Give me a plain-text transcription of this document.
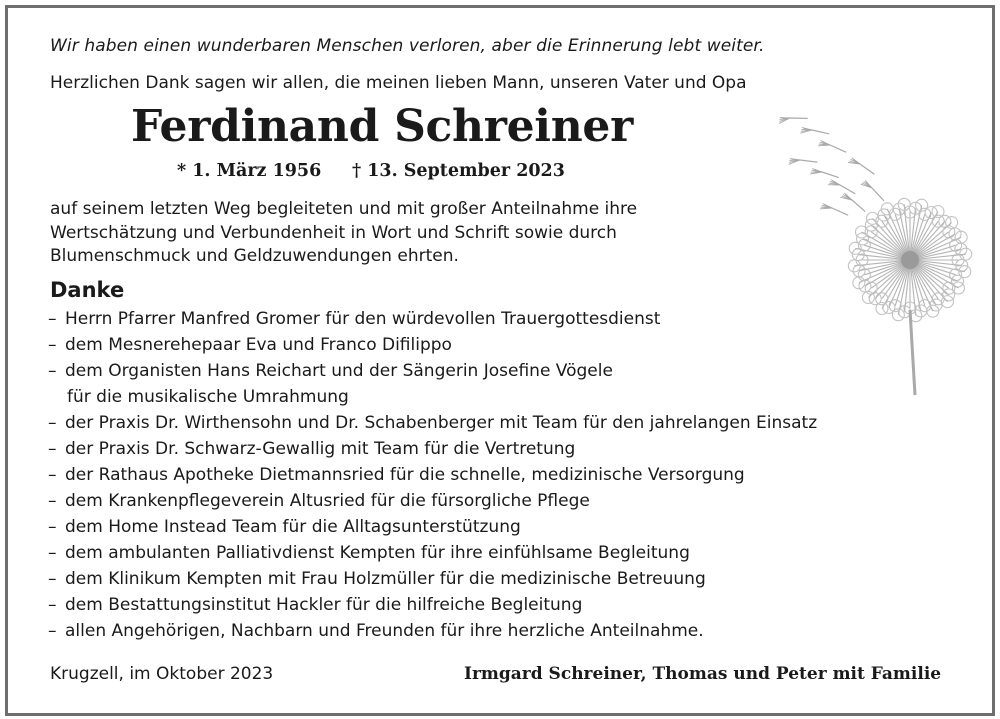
Wir haben einen wunderbaren Menschen verloren, aber die Erinnerung lebt weiter.
Herzlichen Dank sagen wir allen, die meinen lieben Mann, unseren Vater und Opa
Ferdinand Schreiner
* 1. März 1956 † 13. September 2023
auf seinem letzten Weg begleiteten und mit großer Anteilnahme ihre
Wertschätzung und Verbundenheit in Wort und Schrift sowie durch
Blumenschmuck und Geldzuwendungen ehrten.
Danke
– Herrn Pfarrer Manfred Gromer für den würdevollen Trauergottesdienst
– dem Mesnerehepaar Eva und Franco Difilippo
– dem Organisten Hans Reichart und der Sängerin Josefine Vögele
für die musikalische Umrahmung
– der Praxis Dr. Wirthensohn und Dr. Schabenberger mit Team für den jahrelangen Einsatz
– der Praxis Dr. Schwarz-Gewallig mit Team für die Vertretung
– der Rathaus Apotheke Dietmannsried für die schnelle, medizinische Versorgung
– dem Krankenpflegeverein Altusried für die fürsorgliche Pflege
– dem Home Instead Team für die Alltagsunterstützung
– dem ambulanten Palliativdienst Kempten für ihre einfühlsame Begleitung
– dem Klinikum Kempten mit Frau Holzmüller für die medizinische Betreuung
– dem Bestattungsinstitut Hackler für die hilfreiche Begleitung
– allen Angehörigen, Nachbarn und Freunden für ihre herzliche Anteilnahme.
Krugzell, im Oktober 2023	Irmgard Schreiner, Thomas und Peter mit Familie
